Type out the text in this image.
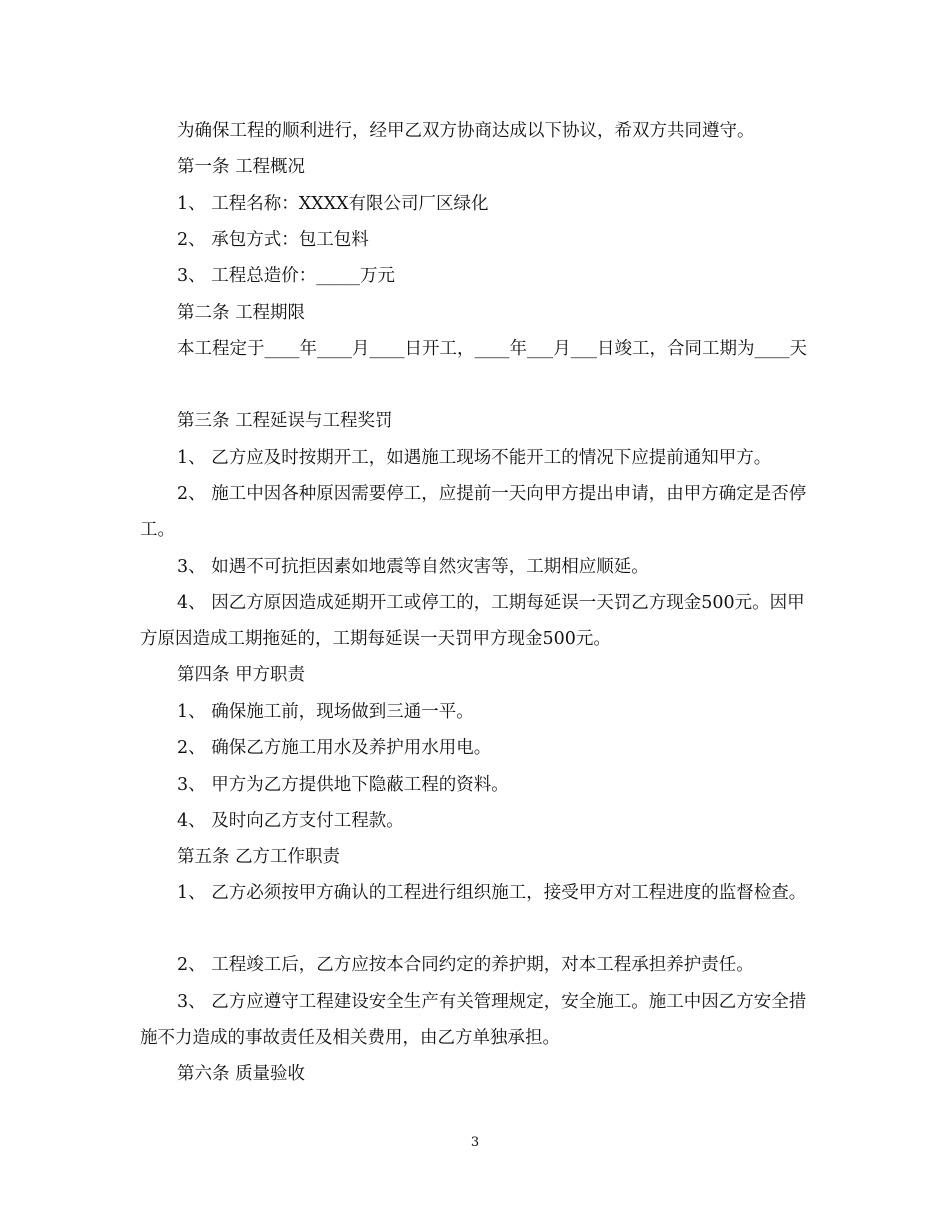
为确保工程的顺利进行，经甲乙双方协商达成以下协议，希双方共同遵守。

第一条 工程概况

1、 工程名称：XXXX有限公司厂区绿化

2、 承包方式：包工包料

3、 工程总造价：_____万元

第二条 工程期限

本工程定于____年____月____日开工，____年___月___日竣工，合同工期为____天

第三条 工程延误与工程奖罚

1、 乙方应及时按期开工，如遇施工现场不能开工的情况下应提前通知甲方。

2、 施工中因各种原因需要停工，应提前一天向甲方提出申请，由甲方确定是否停工。

3、 如遇不可抗拒因素如地震等自然灾害等，工期相应顺延。

4、 因乙方原因造成延期开工或停工的，工期每延误一天罚乙方现金500元。因甲方原因造成工期拖延的，工期每延误一天罚甲方现金500元。

第四条 甲方职责

1、 确保施工前，现场做到三通一平。

2、 确保乙方施工用水及养护用水用电。

3、 甲方为乙方提供地下隐蔽工程的资料。

4、 及时向乙方支付工程款。

第五条 乙方工作职责

1、 乙方必须按甲方确认的工程进行组织施工，接受甲方对工程进度的监督检查。

2、 工程竣工后，乙方应按本合同约定的养护期，对本工程承担养护责任。

3、 乙方应遵守工程建设安全生产有关管理规定，安全施工。施工中因乙方安全措施不力造成的事故责任及相关费用，由乙方单独承担。

第六条 质量验收

3
